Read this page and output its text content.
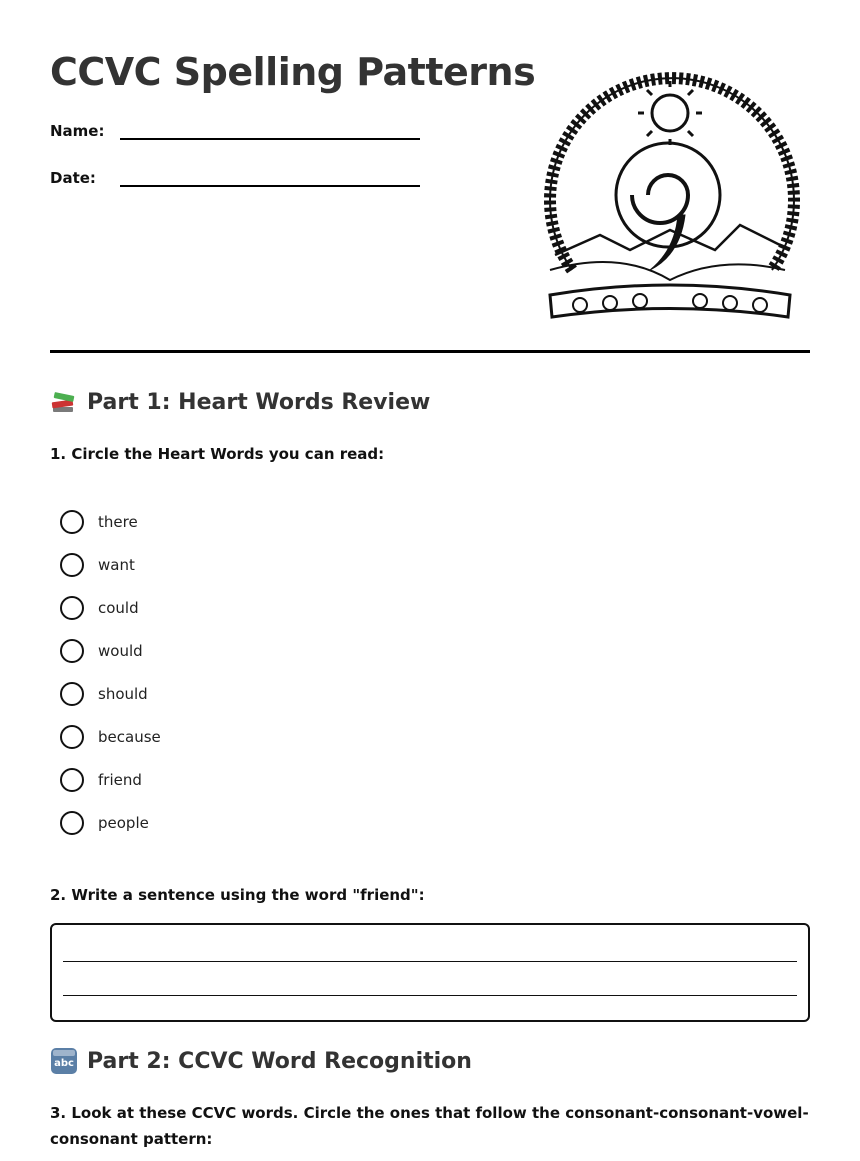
CCVC Spelling Patterns
Name:
Date:
Part 1: Heart Words Review
1. Circle the Heart Words you can read:
there
want
could
would
should
because
friend
people
2. Write a sentence using the word "friend":
abc Part 2: CCVC Word Recognition
3. Look at these CCVC words. Circle the ones that follow the consonant-consonant-vowel-consonant pattern:
